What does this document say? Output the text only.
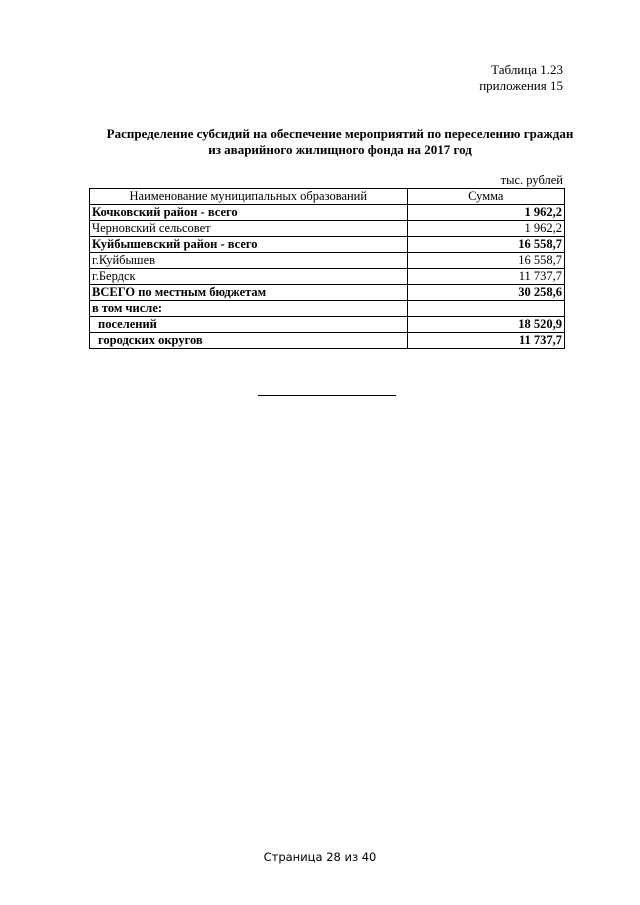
Таблица 1.23
приложения 15
Распределение субсидий на обеспечение мероприятий по переселению граждан
из аварийного жилищного фонда на 2017 год
тыс. рублей
Наименование муниципальных образований	Сумма
Кочковский район - всего	1 962,2
Черновский сельсовет	1 962,2
Куйбышевский район - всего	16 558,7
г.Куйбышев	16 558,7
г.Бердск	11 737,7
ВСЕГО по местным бюджетам	30 258,6
в том числе:	
поселений	18 520,9
городских округов	11 737,7
Страница 28 из 40
